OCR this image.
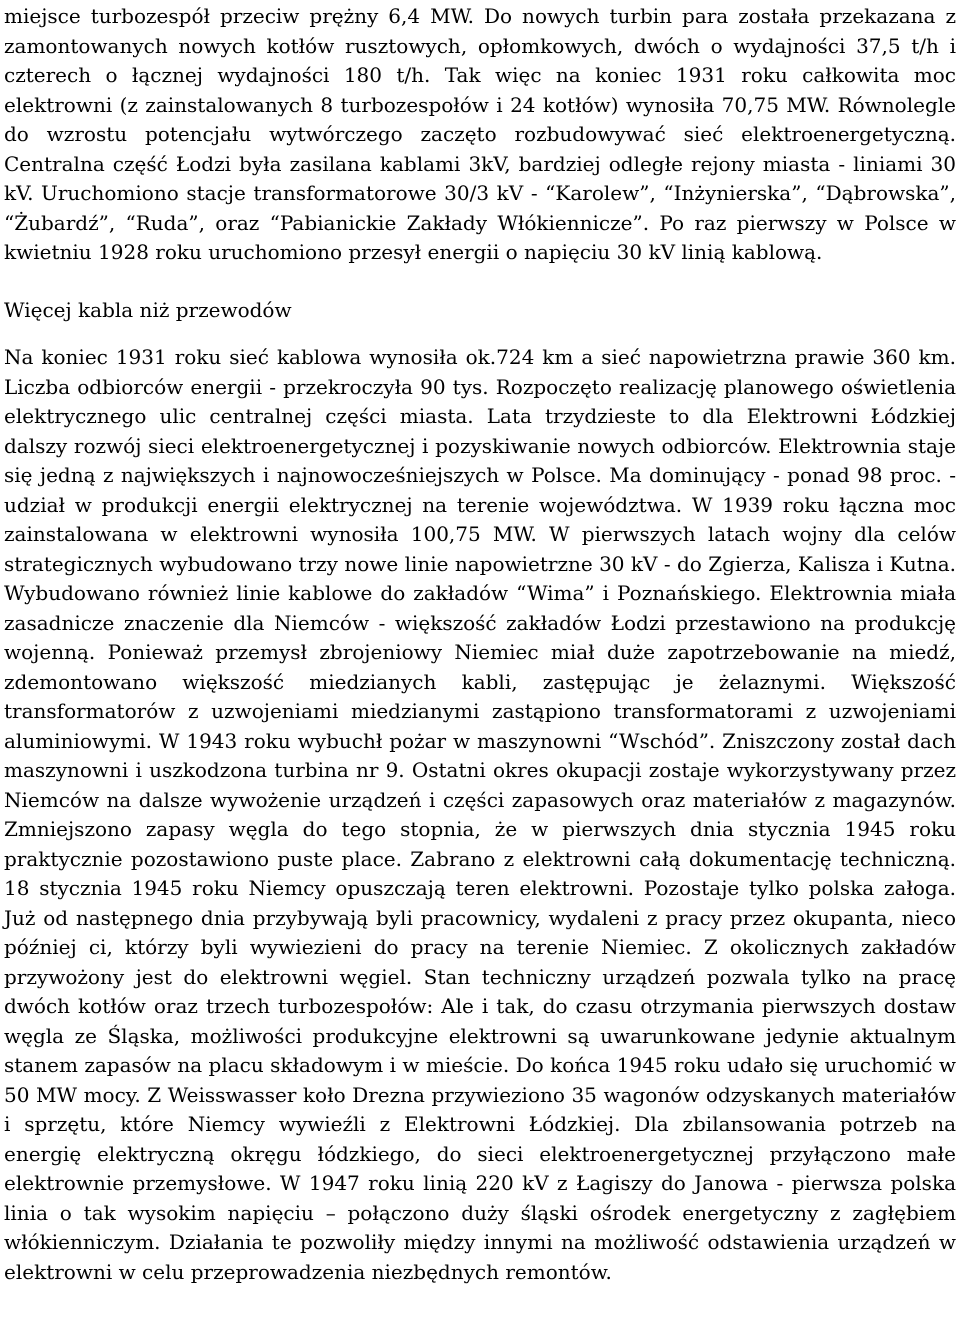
miejsce turbozespół przeciw prężny 6,4 MW. Do nowych turbin para została przekazana z zamontowanych nowych kotłów rusztowych, opłomkowych, dwóch o wydajności 37,5 t/h i czterech o łącznej wydajności 180 t/h. Tak więc na koniec 1931 roku całkowita moc elektrowni (z zainstalowanych 8 turbozespołów i 24 kotłów) wynosiła 70,75 MW. Równolegle do wzrostu potencjału wytwórczego zaczęto rozbudowywać sieć elektroenergetyczną. Centralna część Łodzi była zasilana kablami 3kV, bardziej odległe rejony miasta - liniami 30 kV. Uruchomiono stacje transformatorowe 30/3 kV - “Karolew”, “Inżynierska”, “Dąbrowska”, “Żubardź”, “Ruda”, oraz “Pabianickie Zakłady Włókiennicze”. Po raz pierwszy w Polsce w kwietniu 1928 roku uruchomiono przesył energii o napięciu 30 kV linią kablową.

Więcej kabla niż przewodów

Na koniec 1931 roku sieć kablowa wynosiła ok.724 km a sieć napowietrzna prawie 360 km. Liczba odbiorców energii - przekroczyła 90 tys. Rozpoczęto realizację planowego oświetlenia elektrycznego ulic centralnej części miasta. Lata trzydzieste to dla Elektrowni Łódzkiej dalszy rozwój sieci elektroenergetycznej i pozyskiwanie nowych odbiorców. Elektrownia staje się jedną z największych i najnowocześniejszych w Polsce. Ma dominujący - ponad 98 proc. - udział w produkcji energii elektrycznej na terenie województwa. W 1939 roku łączna moc zainstalowana w elektrowni wynosiła 100,75 MW. W pierwszych latach wojny dla celów strategicznych wybudowano trzy nowe linie napowietrzne 30 kV - do Zgierza, Kalisza i Kutna. Wybudowano również linie kablowe do zakładów “Wima” i Poznańskiego. Elektrownia miała zasadnicze znaczenie dla Niemców - większość zakładów Łodzi przestawiono na produkcję wojenną. Ponieważ przemysł zbrojeniowy Niemiec miał duże zapotrzebowanie na miedź, zdemontowano większość miedzianych kabli, zastępując je żelaznymi. Większość transformatorów z uzwojeniami miedzianymi zastąpiono transformatorami z uzwojeniami aluminiowymi. W 1943 roku wybuchł pożar w maszynowni “Wschód”. Zniszczony został dach maszynowni i uszkodzona turbina nr 9. Ostatni okres okupacji zostaje wykorzystywany przez Niemców na dalsze wywożenie urządzeń i części zapasowych oraz materiałów z magazynów. Zmniejszono zapasy węgla do tego stopnia, że w pierwszych dnia stycznia 1945 roku praktycznie pozostawiono puste place. Zabrano z elektrowni całą dokumentację techniczną. 18 stycznia 1945 roku Niemcy opuszczają teren elektrowni. Pozostaje tylko polska załoga. Już od następnego dnia przybywają byli pracownicy, wydaleni z pracy przez okupanta, nieco później ci, którzy byli wywiezieni do pracy na terenie Niemiec. Z okolicznych zakładów przywożony jest do elektrowni węgiel. Stan techniczny urządzeń pozwala tylko na pracę dwóch kotłów oraz trzech turbozespołów: Ale i tak, do czasu otrzymania pierwszych dostaw węgla ze Śląska, możliwości produkcyjne elektrowni są uwarunkowane jedynie aktualnym stanem zapasów na placu składowym i w mieście. Do końca 1945 roku udało się uruchomić w 50 MW mocy. Z Weisswasser koło Drezna przywieziono 35 wagonów odzyskanych materiałów i sprzętu, które Niemcy wywieźli z Elektrowni Łódzkiej. Dla zbilansowania potrzeb na energię elektryczną okręgu łódzkiego, do sieci elektroenergetycznej przyłączono małe elektrownie przemysłowe. W 1947 roku linią 220 kV z Łagiszy do Janowa - pierwsza polska linia o tak wysokim napięciu – połączono duży śląski ośrodek energetyczny z zagłębiem włókienniczym. Działania te pozwoliły między innymi na możliwość odstawienia urządzeń w elektrowni w celu przeprowadzenia niezbędnych remontów.
